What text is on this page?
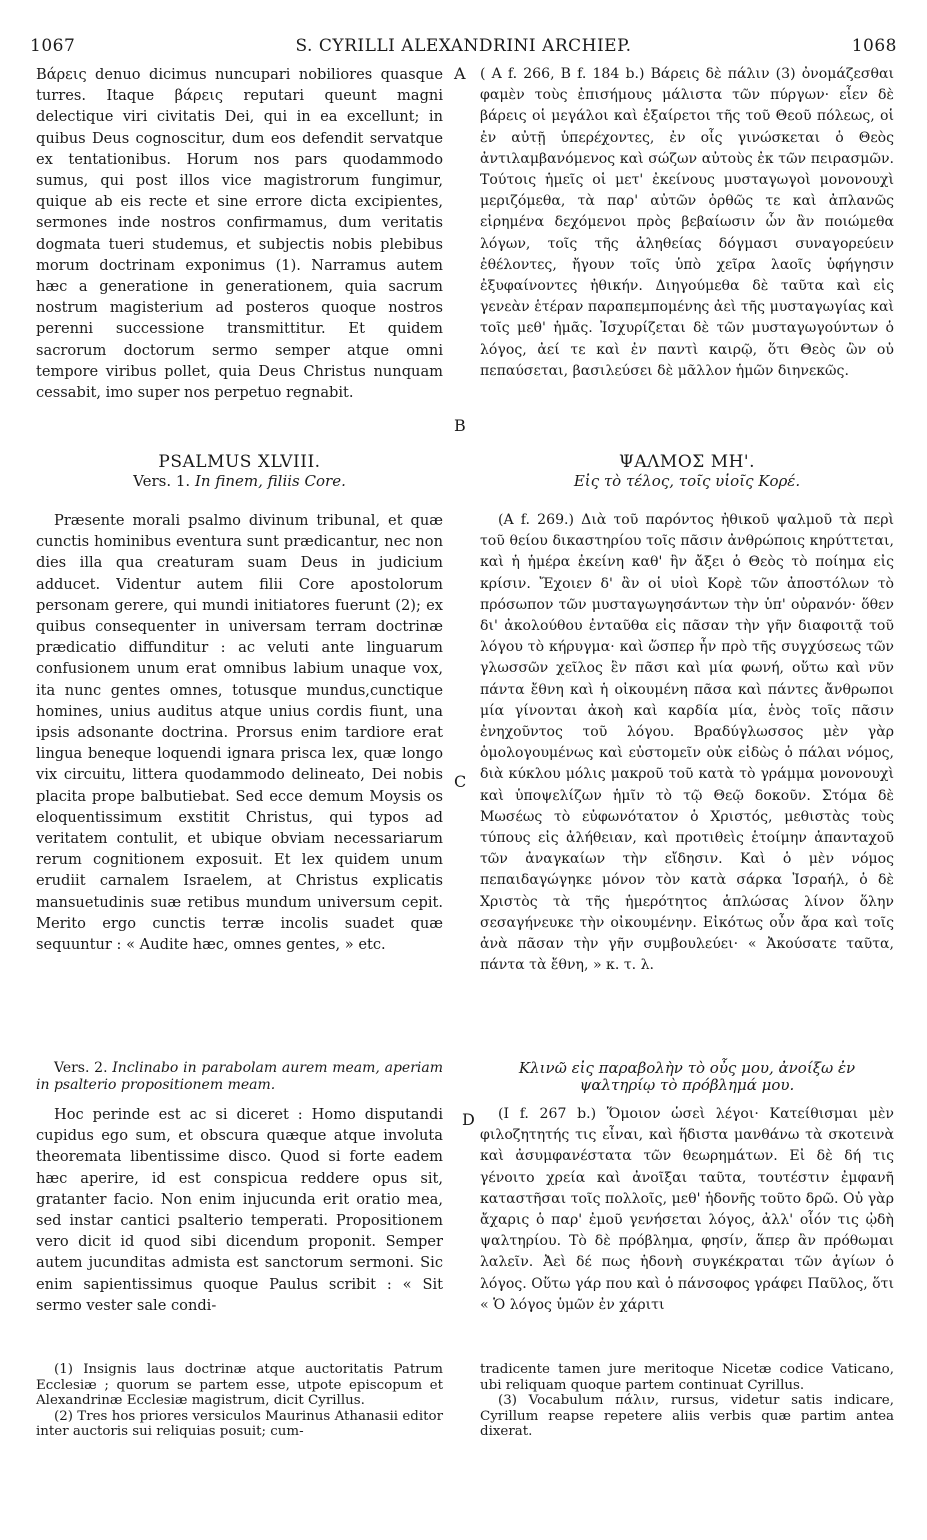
1067	S. CYRILLI ALEXANDRINI ARCHIEP.	1068
A
B
C
D

Βάρεις denuo dicimus nuncupari nobiliores quasque turres. Itaque βάρεις reputari queunt magni delectique viri civitatis Dei, qui in ea excellunt; in quibus Deus cognoscitur, dum eos defendit servatque ex tentationibus. Horum nos pars quodammodo sumus, qui post illos vice magistrorum fungimur, quique ab eis recte et sine errore dicta excipientes, sermones inde nostros confirmamus, dum veritatis dogmata tueri studemus, et subjectis nobis plebibus morum doctrinam exponimus (1). Narramus autem hæc a generatione in generationem, quia sacrum nostrum magisterium ad posteros quoque nostros perenni successione transmittitur. Et quidem sacrorum doctorum sermo semper atque omni tempore viribus pollet, quia Deus Christus nunquam cessabit, imo super nos perpetuo regnabit.

PSALMUS XLVIII.

Vers. 1. In finem, filiis Core.

Præsente morali psalmo divinum tribunal, et quæ cunctis hominibus eventura sunt prædicantur, nec non dies illa qua creaturam suam Deus in judicium adducet. Videntur autem filii Core apostolorum personam gerere, qui mundi initiatores fuerunt (2); ex quibus consequenter in universam terram doctrinæ prædicatio diffunditur : ac veluti ante linguarum confusionem unum erat omnibus labium unaque vox, ita nunc gentes omnes, totusque mundus,cunctique homines, unius auditus atque unius cordis fiunt, una ipsis adsonante doctrina. Prorsus enim tardiore erat lingua beneque loquendi ignara prisca lex, quæ longo vix circuitu, littera quodammodo delineato, Dei nobis placita prope balbutiebat. Sed ecce demum Moysis os eloquentissimum exstitit Christus, qui typos ad veritatem contulit, et ubique obviam necessariarum rerum cognitionem exposuit. Et lex quidem unum erudiit carnalem Israelem, at Christus explicatis mansuetudinis suæ retibus mundum universum cepit. Merito ergo cunctis terræ incolis suadet quæ sequuntur : « Audite hæc, omnes gentes, » etc.

Vers. 2. Inclinabo in parabolam aurem meam, aperiam in psalterio propositionem meam.

Hoc perinde est ac si diceret : Homo disputandi cupidus ego sum, et obscura quæque atque involuta theoremata libentissime disco. Quod si forte eadem hæc aperire, id est conspicua reddere opus sit, gratanter facio. Non enim injucunda erit oratio mea, sed instar cantici psalterio temperati. Propositionem vero dicit id quod sibi dicendum proponit. Semper autem jucunditas admista est sanctorum sermoni. Sic enim sapientissimus quoque Paulus scribit : « Sit sermo vester sale condi-

(1) Insignis laus doctrinæ atque auctoritatis Patrum Ecclesiæ ; quorum se partem esse, utpote episcopum et Alexandrinæ Ecclesiæ magistrum, dicit Cyrillus.

(2) Tres hos priores versiculos Maurinus Athanasii editor inter auctoris sui reliquias posuit; cum-

( A f. 266, B f. 184 b.) Βάρεις δὲ πάλιν (3) ὀνομάζεσθαι φαμὲν τοὺς ἐπισήμους μάλιστα τῶν πύργων· εἶεν δὲ βάρεις οἱ μεγάλοι καὶ ἐξαίρετοι τῆς τοῦ Θεοῦ πόλεως, οἱ ἐν αὐτῇ ὑπερέχοντες, ἐν οἷς γινώσκεται ὁ Θεὸς ἀντιλαμβανόμενος καὶ σώζων αὐτοὺς ἐκ τῶν πειρασμῶν. Τούτοις ἡμεῖς οἱ μετ' ἐκείνους μυσταγωγοὶ μονονουχὶ μεριζόμεθα, τὰ παρ' αὐτῶν ὀρθῶς τε καὶ ἀπλανῶς εἰρημένα δεχόμενοι πρὸς βεβαίωσιν ὧν ἂν ποιώμεθα λόγων, τοῖς τῆς ἀληθείας δόγμασι συναγορεύειν ἐθέλοντες, ἤγουν τοῖς ὑπὸ χεῖρα λαοῖς ὑφήγησιν ἐξυφαίνοντες ἠθικήν. Διηγούμεθα δὲ ταῦτα καὶ εἰς γενεὰν ἑτέραν παραπεμπομένης ἀεὶ τῆς μυσταγωγίας καὶ τοῖς μεθ' ἡμᾶς. Ἰσχυρίζεται δὲ τῶν μυσταγωγούντων ὁ λόγος, ἀεί τε καὶ ἐν παντὶ καιρῷ, ὅτι Θεὸς ὢν οὐ πεπαύσεται, βασιλεύσει δὲ μᾶλλον ἡμῶν διηνεκῶς.

ΨΑΛΜΟΣ ΜΗ'.

Εἰς τὸ τέλος, τοῖς υἱοῖς Κορέ.

(A f. 269.) Διὰ τοῦ παρόντος ἠθικοῦ ψαλμοῦ τὰ περὶ τοῦ θείου δικαστηρίου τοῖς πᾶσιν ἀνθρώποις κηρύττεται, καὶ ἡ ἡμέρα ἐκείνη καθ' ἣν ἄξει ὁ Θεὸς τὸ ποίημα εἰς κρίσιν. Ἔχοιεν δ' ἂν οἱ υἱοὶ Κορὲ τῶν ἀποστόλων τὸ πρόσωπον τῶν μυσταγωγησάντων τὴν ὑπ' οὐρανόν· ὅθεν δι' ἀκολούθου ἐνταῦθα εἰς πᾶσαν τὴν γῆν διαφοιτᾷ τοῦ λόγου τὸ κήρυγμα· καὶ ὥσπερ ἦν πρὸ τῆς συγχύσεως τῶν γλωσσῶν χεῖλος ἓν πᾶσι καὶ μία φωνή, οὕτω καὶ νῦν πάντα ἔθνη καὶ ἡ οἰκουμένη πᾶσα καὶ πάντες ἄνθρωποι μία γίνονται ἀκοὴ καὶ καρδία μία, ἑνὸς τοῖς πᾶσιν ἐνηχοῦντος τοῦ λόγου. Βραδύγλωσσος μὲν γὰρ ὁμολογουμένως καὶ εὐστομεῖν οὐκ εἰδὼς ὁ πάλαι νόμος, διὰ κύκλου μόλις μακροῦ τοῦ κατὰ τὸ γράμμα μονονουχὶ καὶ ὑποψελίζων ἡμῖν τὸ τῷ Θεῷ δοκοῦν. Στόμα δὲ Μωσέως τὸ εὐφωνότατον ὁ Χριστός, μεθιστὰς τοὺς τύπους εἰς ἀλήθειαν, καὶ προτιθεὶς ἑτοίμην ἁπανταχοῦ τῶν ἀναγκαίων τὴν εἴδησιν. Καὶ ὁ μὲν νόμος πεπαιδαγώγηκε μόνον τὸν κατὰ σάρκα Ἰσραήλ, ὁ δὲ Χριστὸς τὰ τῆς ἡμερότητος ἁπλώσας λίνον ὅλην σεσαγήνευκε τὴν οἰκουμένην. Εἰκότως οὖν ἄρα καὶ τοῖς ἀνὰ πᾶσαν τὴν γῆν συμβουλεύει· « Ἀκούσατε ταῦτα, πάντα τὰ ἔθνη, » κ. τ. λ.

Κλινῶ εἰς παραβολὴν τὸ οὖς μου, ἀνοίξω ἐν ψαλτηρίῳ τὸ πρόβλημά μου.

(I f. 267 b.) Ὅμοιον ὡσεὶ λέγοι· Κατείθισμαι μὲν φιλοζητητής τις εἶναι, καὶ ἥδιστα μανθάνω τὰ σκοτεινὰ καὶ ἀσυμφανέστατα τῶν θεωρημάτων. Εἰ δὲ δή τις γένοιτο χρεία καὶ ἀνοῖξαι ταῦτα, τουτέστιν ἐμφανῆ καταστῆσαι τοῖς πολλοῖς, μεθ' ἡδονῆς τοῦτο δρῶ. Οὐ γὰρ ἄχαρις ὁ παρ' ἐμοῦ γενήσεται λόγος, ἀλλ' οἷόν τις ᾠδὴ ψαλτηρίου. Τὸ δὲ πρόβλημα, φησίν, ἅπερ ἂν πρόθωμαι λαλεῖν. Ἀεὶ δέ πως ἡδονὴ συγκέκραται τῶν ἁγίων ὁ λόγος. Οὕτω γάρ που καὶ ὁ πάνσοφος γράφει Παῦλος, ὅτι « Ὁ λόγος ὑμῶν ἐν χάριτι

tradicente tamen jure meritoque Nicetæ codice Vaticano, ubi reliquam quoque partem continuat Cyrillus.

(3) Vocabulum πάλιν, rursus, videtur satis indicare, Cyrillum reapse repetere aliis verbis quæ partim antea dixerat.
